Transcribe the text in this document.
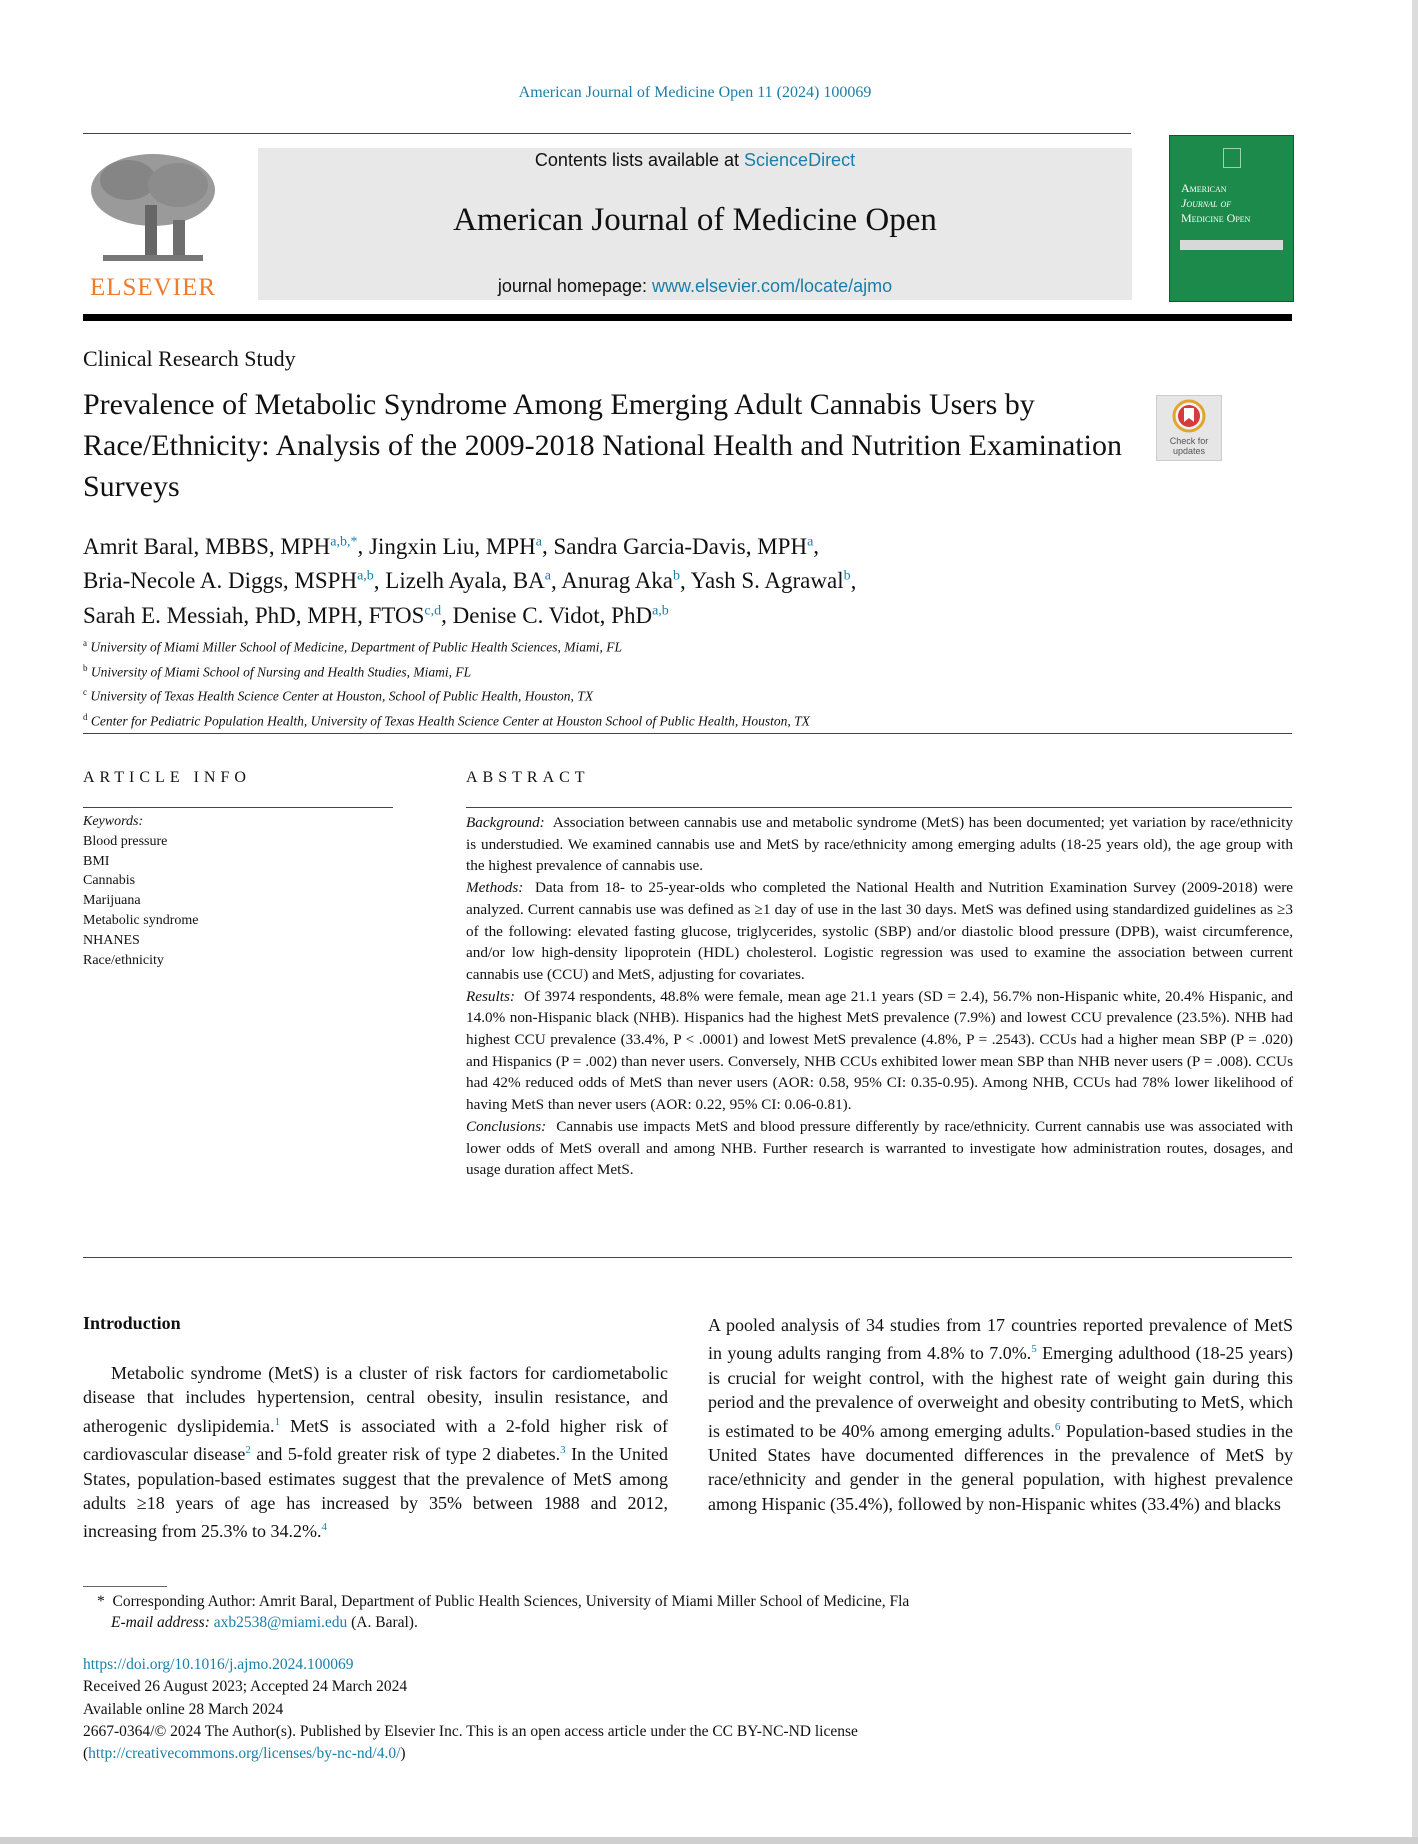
American Journal of Medicine Open 11 (2024) 100069
ELSEVIER
Contents lists available at ScienceDirect
American Journal of Medicine Open
journal homepage: www.elsevier.com/locate/ajmo
American
Journal of
Medicine Open
Clinical Research Study
Prevalence of Metabolic Syndrome Among Emerging Adult Cannabis Users by Race/Ethnicity: Analysis of the 2009-2018 National Health and Nutrition Examination Surveys
Check for updates
Amrit Baral, MBBS, $MPH^{a,b,*}$, Jingxin Liu, MPH$^a$, Sandra Garcia-Davis, MPH$^a$,
Bria-Necole A. Diggs, MSPH$^{a,b}$, Lizelh Ayala, $BA^a$, Anurag Aka$^b$, Yash S. Agrawal$^b$,
Sarah E. Messiah, PhD, MPH, FTOS$^{c,d}$, Denise C. Vidot, PhD$^{a,b}$
$^a$ University of Miami Miller School of Medicine, Department of Public Health Sciences, Miami, FL
$^b$ University of Miami School of Nursing and Health Studies, Miami, FL
$^c$ University of Texas Health Science Center at Houston, School of Public Health, Houston, TX
$^d$ Center for Pediatric Population Health, University of Texas Health Science Center at Houston School of Public Health, Houston, TX
ARTICLE INFO
Keywords:
Blood pressure
BMI
Cannabis
Marijuana
Metabolic syndrome
NHANES
Race/ethnicity
ABSTRACT

Background: Association between cannabis use and metabolic syndrome (MetS) has been documented; yet variation by race/ethnicity is understudied. We examined cannabis use and MetS by race/ethnicity among emerging adults (18-25 years old), the age group with the highest prevalence of cannabis use.

Methods: Data from 18- to 25-year-olds who completed the National Health and Nutrition Examination Survey (2009-2018) were analyzed. Current cannabis use was defined as ≥1 day of use in the last 30 days. MetS was defined using standardized guidelines as ≥3 of the following: elevated fasting glucose, triglycerides, systolic (SBP) and/or diastolic blood pressure (DPB), waist circumference, and/or low high-density lipoprotein (HDL) cholesterol. Logistic regression was used to examine the association between current cannabis use (CCU) and MetS, adjusting for covariates.

Results: Of 3974 respondents, 48.8% were female, mean age 21.1 years (SD = 2.4), 56.7% non-Hispanic white, 20.4% Hispanic, and 14.0% non-Hispanic black (NHB). Hispanics had the highest MetS prevalence (7.9%) and lowest CCU prevalence (23.5%). NHB had highest CCU prevalence (33.4%, P < .0001) and lowest MetS prevalence (4.8%, P = .2543). CCUs had a higher mean SBP (P = .020) and Hispanics (P = .002) than never users. Conversely, NHB CCUs exhibited lower mean SBP than NHB never users (P = .008). CCUs had 42% reduced odds of MetS than never users (AOR: 0.58, 95% CI: 0.35-0.95). Among NHB, CCUs had 78% lower likelihood of having MetS than never users (AOR: 0.22, 95% CI: 0.06-0.81).

Conclusions: Cannabis use impacts MetS and blood pressure differently by race/ethnicity. Current cannabis use was associated with lower odds of MetS overall and among NHB. Further research is warranted to investigate how administration routes, dosages, and usage duration affect MetS.

Introduction

Metabolic syndrome (MetS) is a cluster of risk factors for cardiometabolic disease that includes hypertension, central obesity, insulin resistance, and atherogenic dyslipidemia.$^1$ MetS is associated with a 2-fold higher risk of cardiovascular disease$^2$ and 5-fold greater risk of type 2 diabetes.$^3$ In the United States, population-based estimates suggest that the prevalence of MetS among adults ≥18 years of age has increased by 35% between 1988 and 2012, increasing from 25.3% to 34.2%.$^4$

A pooled analysis of 34 studies from 17 countries reported prevalence of MetS in young adults ranging from 4.8% to 7.0%.$^5$ Emerging adulthood (18-25 years) is crucial for weight control, with the highest rate of weight gain during this period and the prevalence of overweight and obesity contributing to MetS, which is estimated to be 40% among emerging adults.$^6$ Population-based studies in the United States have documented differences in the prevalence of MetS by race/ethnicity and gender in the general population, with highest prevalence among Hispanic (35.4%), followed by non-Hispanic whites (33.4%) and blacks

* Corresponding Author: Amrit Baral, Department of Public Health Sciences, University of Miami Miller School of Medicine, Fla
E-mail address: axb2538@miami.edu (A. Baral).
https://doi.org/10.1016/j.ajmo.2024.100069
Received 26 August 2023; Accepted 24 March 2024
Available online 28 March 2024
2667-0364/© 2024 The Author(s). Published by Elsevier Inc. This is an open access article under the CC BY-NC-ND license
(http://creativecommons.org/licenses/by-nc-nd/4.0/)
